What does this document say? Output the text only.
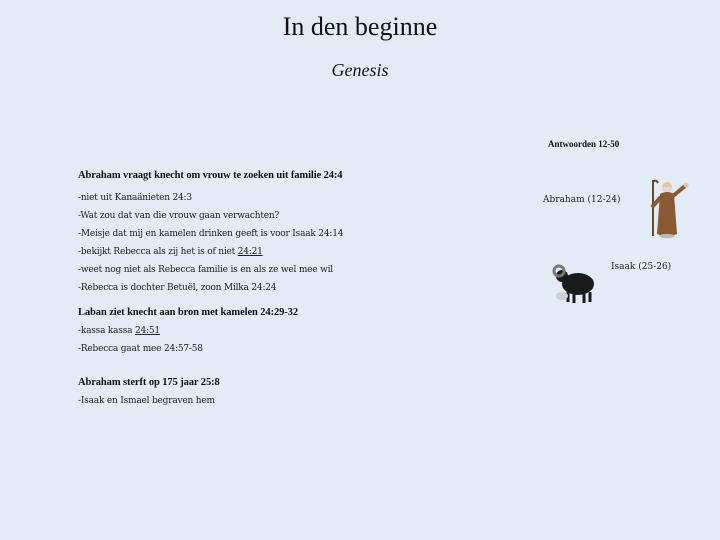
In den beginne
Genesis
Antwoorden 12-50
Abraham vraagt knecht om vrouw te zoeken uit familie 24:4
-niet uit Kanaänieten 24:3
-Wat zou dat van die vrouw gaan verwachten?
-Meisje dat mij en kamelen drinken geeft is voor Isaak 24:14
-bekijkt Rebecca als zij het is of niet 24:21
-weet nog niet als Rebecca familie is en als ze wel mee wil
-Rebecca is dochter Betuël, zoon Milka 24:24
Laban ziet knecht aan bron met kamelen 24:29-32
-kassa kassa 24:51
-Rebecca gaat mee 24:57-58
Abraham sterft op 175 jaar 25:8
-Isaak en Ismael begraven hem
Abraham (12-24)
Isaak (25-26)
